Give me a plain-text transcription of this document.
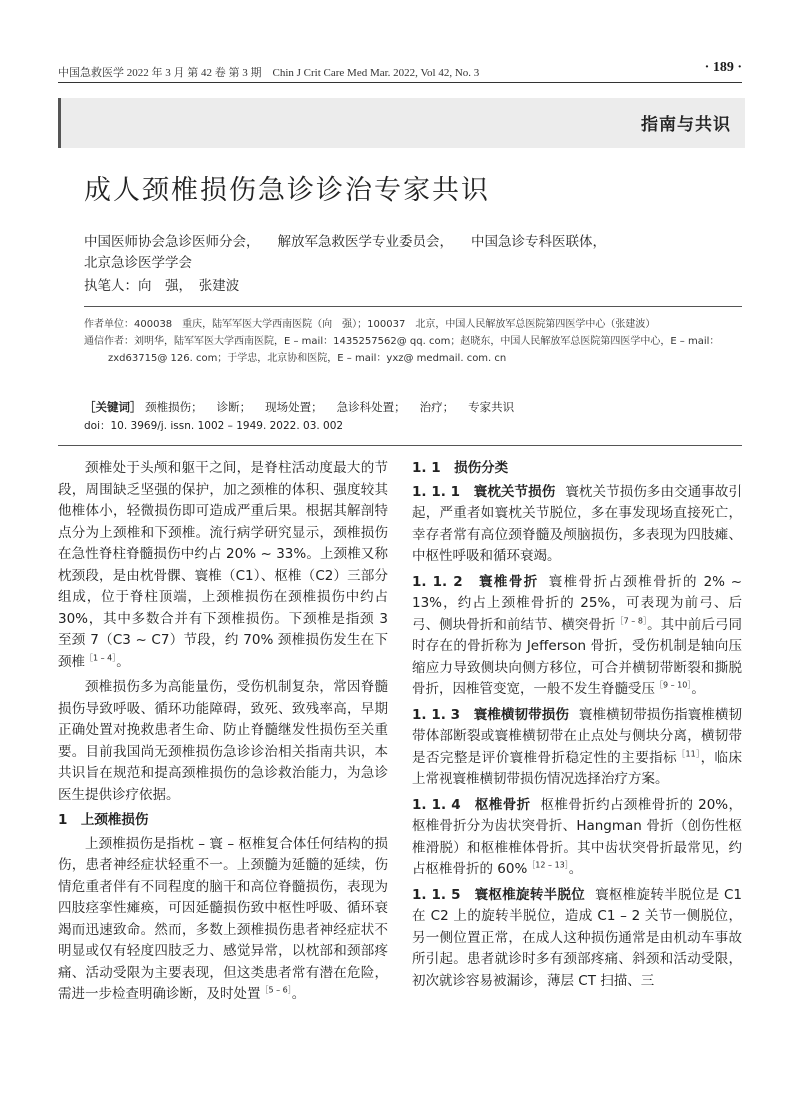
中国急救医学 2022 年 3 月 第 42 卷 第 3 期　Chin J Crit Care Med Mar. 2022, Vol 42, No. 3	· 189 ·
指南与共识
成人颈椎损伤急诊诊治专家共识
中国医师协会急诊医师分会， 解放军急救医学专业委员会， 中国急诊专科医联体，
北京急诊医学学会
执笔人：向　强，　张建波
作者单位：400038　重庆，陆军军医大学西南医院（向　强）；100037　北京，中国人民解放军总医院第四医学中心（张建波）
通信作者：刘明华，陆军军医大学西南医院，E – mail：1435257562@ qq. com；赵晓东，中国人民解放军总医院第四医学中心，E – mail：
zxd63715@ 126. com；于学忠，北京协和医院，E – mail：yxz@ medmail. com. cn
［关键词］ 颈椎损伤； 诊断； 现场处置； 急诊科处置； 治疗； 专家共识
doi：10. 3969/j. issn. 1002 – 1949. 2022. 03. 002

颈椎处于头颅和躯干之间，是脊柱活动度最大的节段，周围缺乏坚强的保护，加之颈椎的体积、强度较其他椎体小，轻微损伤即可造成严重后果。根据其解剖特点分为上颈椎和下颈椎。流行病学研究显示，颈椎损伤在急性脊柱脊髓损伤中约占 20% ~ 33%。上颈椎又称枕颈段，是由枕骨髁、寰椎（C1）、枢椎（C2）三部分组成，位于脊柱顶端，上颈椎损伤在颈椎损伤中约占 30%，其中多数合并有下颈椎损伤。下颈椎是指颈 3 至颈 7（C3 ~ C7）节段，约 70% 颈椎损伤发生在下颈椎$^{[1 - 4]}$。

颈椎损伤多为高能量伤，受伤机制复杂，常因脊髓损伤导致呼吸、循环功能障碍，致死、致残率高，早期正确处置对挽救患者生命、防止脊髓继发性损伤至关重要。目前我国尚无颈椎损伤急诊诊治相关指南共识，本共识旨在规范和提高颈椎损伤的急诊救治能力，为急诊医生提供诊疗依据。

1　上颈椎损伤

上颈椎损伤是指枕 – 寰 – 枢椎复合体任何结构的损伤，患者神经症状轻重不一。上颈髓为延髓的延续，伤情危重者伴有不同程度的脑干和高位脊髓损伤，表现为四肢痉挛性瘫痪，可因延髓损伤致中枢性呼吸、循环衰竭而迅速致命。然而，多数上颈椎损伤患者神经症状不明显或仅有轻度四肢乏力、感觉异常，以枕部和颈部疼痛、活动受限为主要表现，但这类患者常有潜在危险，需进一步检查明确诊断，及时处置$^{[5 - 6]}$。

1. 1　损伤分类

1. 1. 1　寰枕关节损伤 寰枕关节损伤多由交通事故引起，严重者如寰枕关节脱位，多在事发现场直接死亡，幸存者常有高位颈脊髓及颅脑损伤，多表现为四肢瘫、中枢性呼吸和循环衰竭。

1. 1. 2　寰椎骨折 寰椎骨折占颈椎骨折的 2% ~ 13%，约占上颈椎骨折的 25%，可表现为前弓、后弓、侧块骨折和前结节、横突骨折$^{[7 - 8]}$。其中前后弓同时存在的骨折称为 Jefferson 骨折，受伤机制是轴向压缩应力导致侧块向侧方移位，可合并横韧带断裂和撕脱骨折，因椎管变宽，一般不发生脊髓受压$^{[9 - 10]}$。

1. 1. 3　寰椎横韧带损伤 寰椎横韧带损伤指寰椎横韧带体部断裂或寰椎横韧带在止点处与侧块分离，横韧带是否完整是评价寰椎骨折稳定性的主要指标$^{[11]}$，临床上常视寰椎横韧带损伤情况选择治疗方案。

1. 1. 4　枢椎骨折 枢椎骨折约占颈椎骨折的 20%，枢椎骨折分为齿状突骨折、Hangman 骨折（创伤性枢椎滑脱）和枢椎椎体骨折。其中齿状突骨折最常见，约占枢椎骨折的 60%$^{[12 - 13]}$。

1. 1. 5　寰枢椎旋转半脱位 寰枢椎旋转半脱位是 C1 在 C2 上的旋转半脱位，造成 C1 – 2 关节一侧脱位，另一侧位置正常，在成人这种损伤通常是由机动车事故所引起。患者就诊时多有颈部疼痛、斜颈和活动受限，初次就诊容易被漏诊，薄层 CT 扫描、三
